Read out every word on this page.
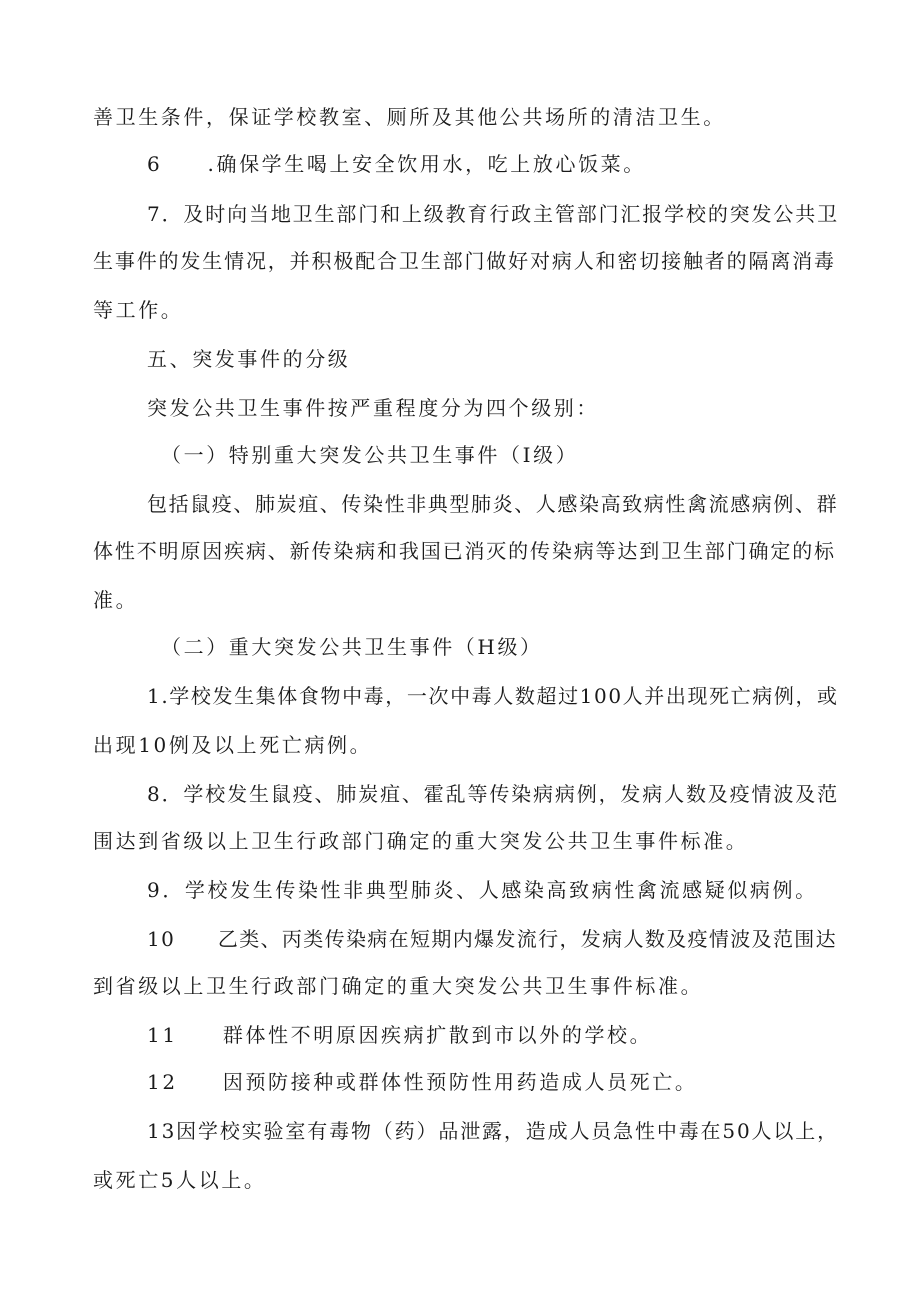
善卫生条件，保证学校教室、厕所及其他公共场所的清洁卫生。
6　　.确保学生喝上安全饮用水，吃上放心饭菜。
7．及时向当地卫生部门和上级教育行政主管部门汇报学校的突发公共卫
生事件的发生情况，并积极配合卫生部门做好对病人和密切接触者的隔离消毒
等工作。
五、突发事件的分级
突发公共卫生事件按严重程度分为四个级别：
（一）特别重大突发公共卫生事件（I级）
包括鼠疫、肺炭疽、传染性非典型肺炎、人感染高致病性禽流感病例、群
体性不明原因疾病、新传染病和我国已消灭的传染病等达到卫生部门确定的标
准。
（二）重大突发公共卫生事件（H级）
1.学校发生集体食物中毒，一次中毒人数超过100人并出现死亡病例，或
出现10例及以上死亡病例。
8．学校发生鼠疫、肺炭疽、霍乱等传染病病例，发病人数及疫情波及范
围达到省级以上卫生行政部门确定的重大突发公共卫生事件标准。
9．学校发生传染性非典型肺炎、人感染高致病性禽流感疑似病例。
10　　乙类、丙类传染病在短期内爆发流行，发病人数及疫情波及范围达
到省级以上卫生行政部门确定的重大突发公共卫生事件标准。
11　　群体性不明原因疾病扩散到市以外的学校。
12　　因预防接种或群体性预防性用药造成人员死亡。
13因学校实验室有毒物（药）品泄露，造成人员急性中毒在50人以上，
或死亡5人以上。
